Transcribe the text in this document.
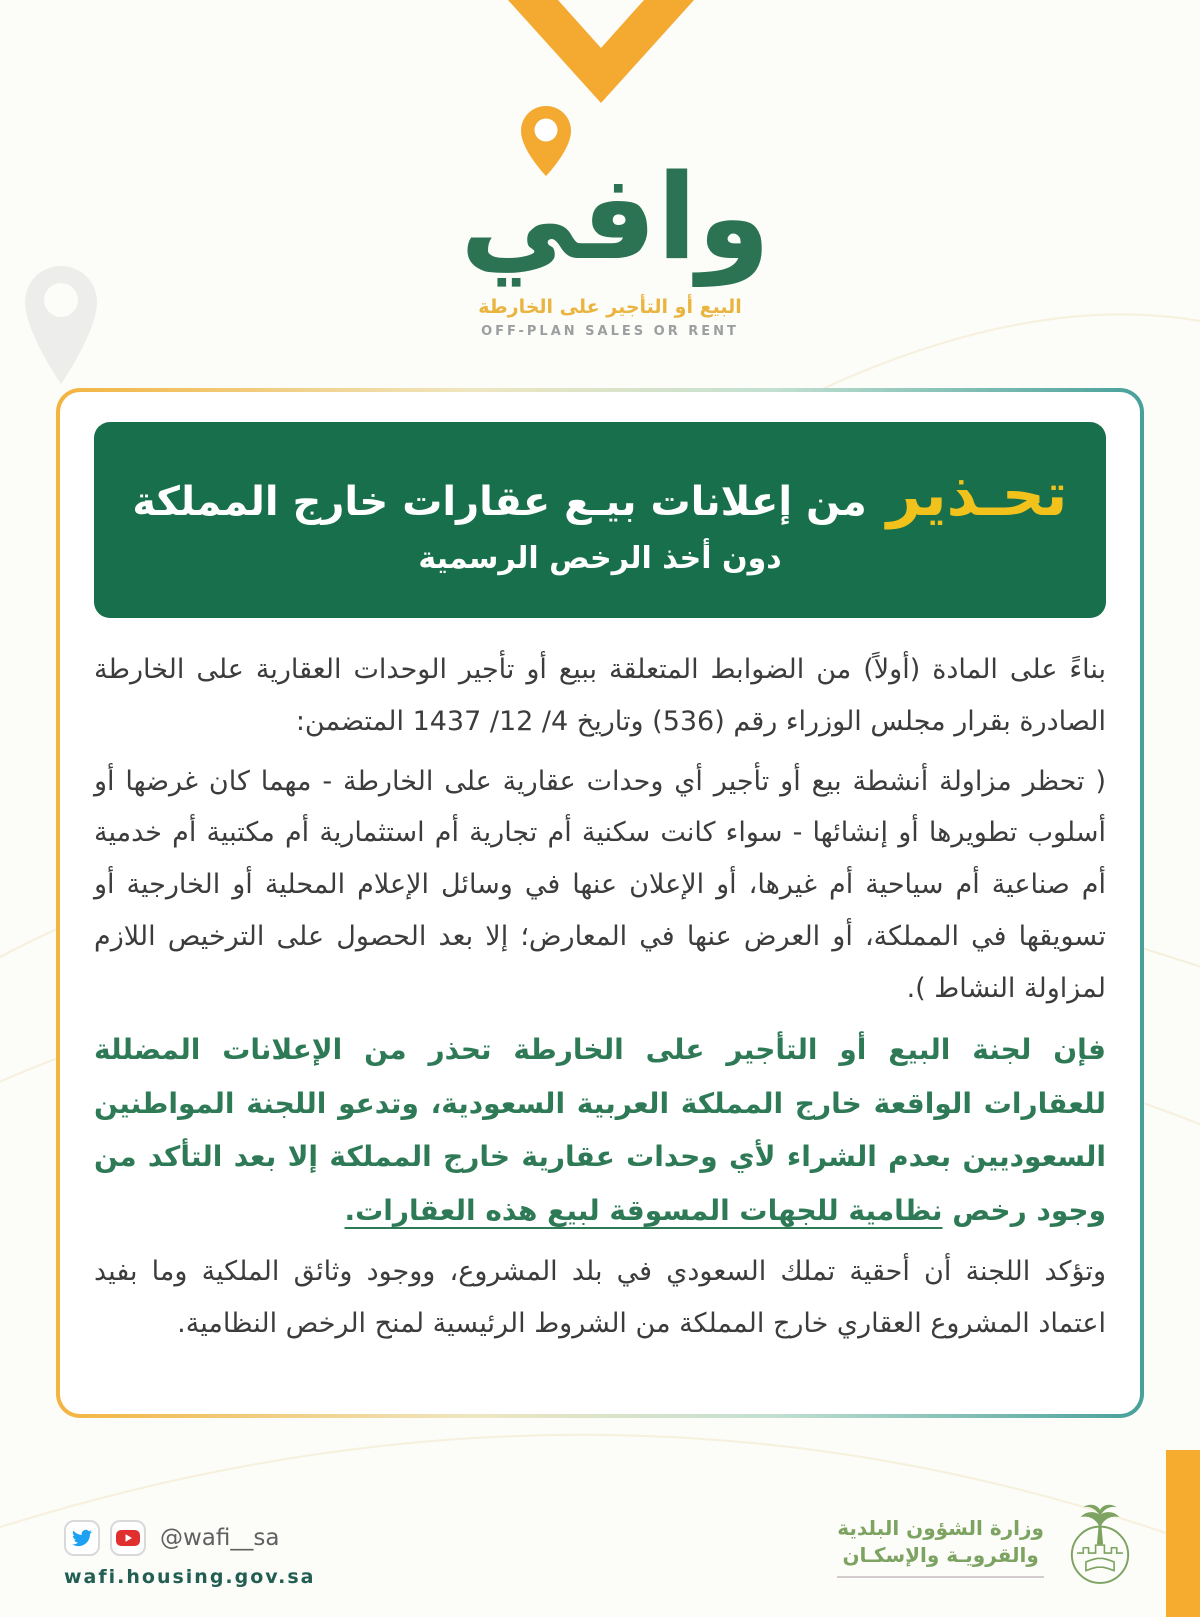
وافي
البيع أو التأجير على الخارطة
OFF-PLAN SALES OR RENT
تحـذير
من إعلانات بيـع عقارات خارج المملكة
دون أخذ الرخص الرسمية

بناءً على المادة (أولاً) من الضوابط المتعلقة ببيع أو تأجير الوحدات العقارية على الخارطة الصادرة بقرار مجلس الوزراء رقم (536) وتاريخ 4/ 12/ 1437 المتضمن:

( تحظر مزاولة أنشطة بيع أو تأجير أي وحدات عقارية على الخارطة - مهما كان غرضها أو أسلوب تطويرها أو إنشائها - سواء كانت سكنية أم تجارية أم استثمارية أم مكتبية أم خدمية أم صناعية أم سياحية أم غيرها، أو الإعلان عنها في وسائل الإعلام المحلية أو الخارجية أو تسويقها في المملكة، أو العرض عنها في المعارض؛ إلا بعد الحصول على الترخيص اللازم لمزاولة النشاط ).

فإن لجنة البيع أو التأجير على الخارطة تحذر من الإعلانات المضللة للعقارات الواقعة خارج المملكة العربية السعودية، وتدعو اللجنة المواطنين السعوديين بعدم الشراء لأي وحدات عقارية خارج المملكة إلا بعد التأكد من وجود رخص نظامية للجهات المسوقة لبيع هذه العقارات.

وتؤكد اللجنة أن أحقية تملك السعودي في بلد المشروع، ووجود وثائق الملكية وما بفيد اعتماد المشروع العقاري خارج المملكة من الشروط الرئيسية لمنح الرخص النظامية.

@wafi__sa
wafi.housing.gov.sa
وزارة الشؤون البلدية
والقرويـة والإسكـان
